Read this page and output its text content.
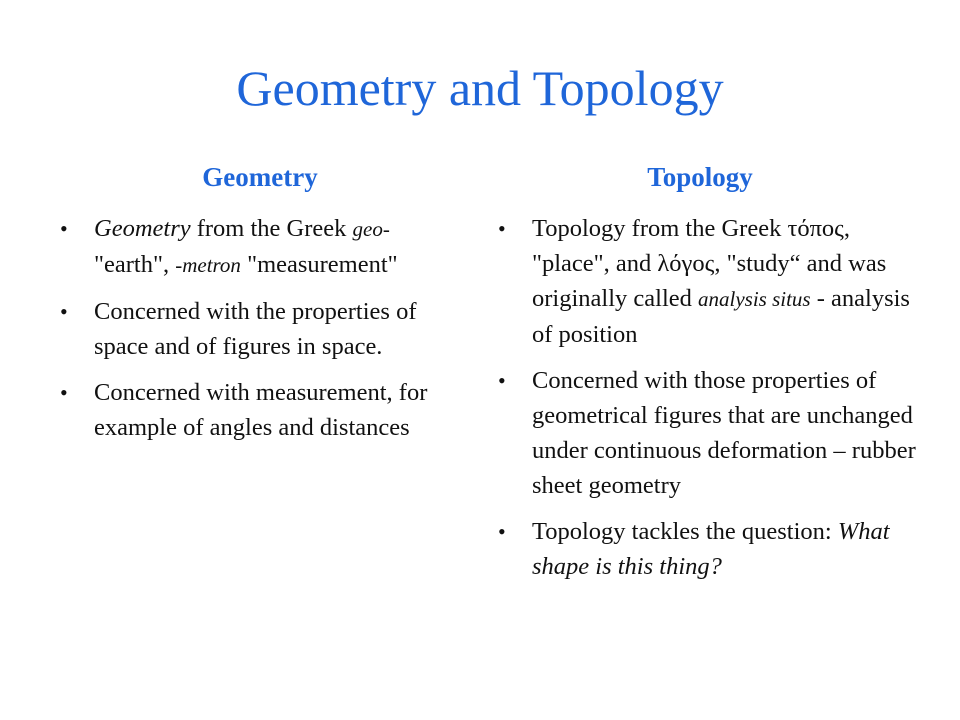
Geometry and Topology
Geometry	Topology
• Geometry from the Greek geo- "earth", -metron "measurement"
• Concerned with the properties of space and of figures in space.
• Concerned with measurement, for example of angles and distances
• Topology from the Greek τόπος, "place", and λόγος, "study“ and was originally called analysis situs - analysis of position
• Concerned with those properties of geometrical figures that are unchanged under continuous deformation – rubber sheet geometry
• Topology tackles the question: What shape is this thing?
